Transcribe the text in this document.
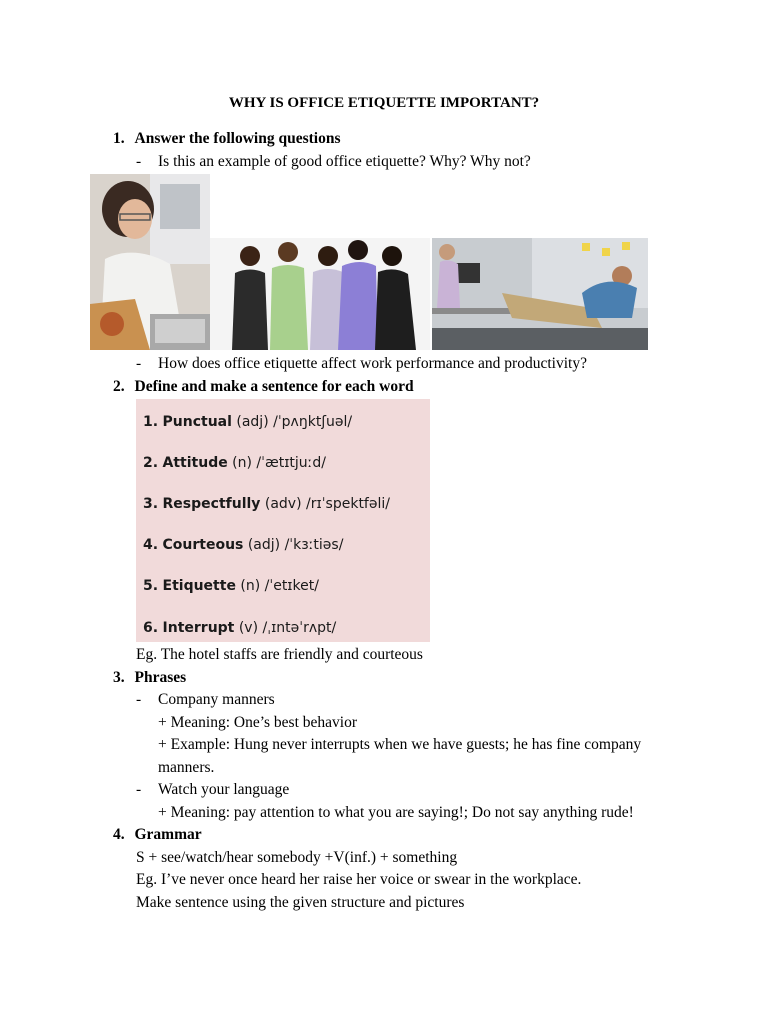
WHY IS OFFICE ETIQUETTE IMPORTANT?
1. Answer the following questions
- Is this an example of good office etiquette? Why? Why not?
- How does office etiquette affect work performance and productivity?
2. Define and make a sentence for each word
1. Punctual (adj) /ˈpʌŋktʃuəl/
2. Attitude (n) /ˈætɪtjuːd/
3. Respectfully (adv) /rɪˈspektfəli/
4. Courteous (adj) /ˈkɜːtiəs/
5. Etiquette (n) /ˈetɪket/
6. Interrupt (v) /ˌɪntəˈrʌpt/
Eg. The hotel staffs are friendly and courteous
3. Phrases
- Company manners
+ Meaning: One’s best behavior
+ Example: Hung never interrupts when we have guests; he has fine company
manners.
- Watch your language
+ Meaning: pay attention to what you are saying!; Do not say anything rude!
4. Grammar
S + see/watch/hear somebody +V(inf.) + something
Eg. I’ve never once heard her raise her voice or swear in the workplace.
Make sentence using the given structure and pictures
